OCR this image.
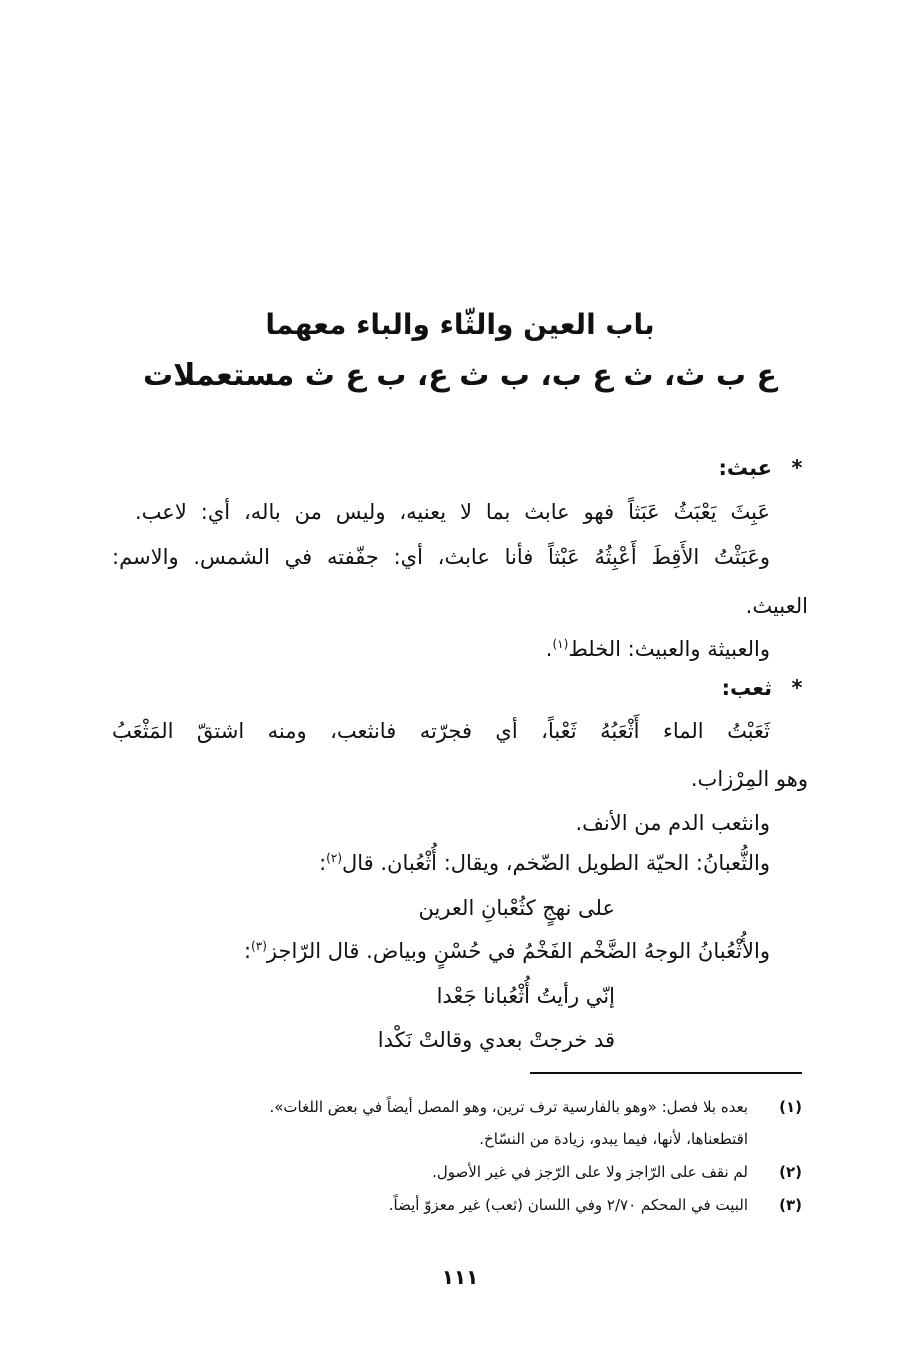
باب العين والثّاء والباء معهما
ع ب ث، ث ع ب، ب ث ع، ب ع ث مستعملات
*عبث:
عَبِثَ يَعْبَثُ عَبَثاً فهو عابث بما لا يعنيه، وليس من باله، أي: لاعب.
وعَبَثْتُ الأَقِطَ أَعْبِثُهُ عَبْثاً فأنا عابث، أي: جفّفته في الشمس. والاسم:
العبيث.
والعبيثة والعبيث: الخلط$^{(١)}$.
*ثعب:
ثَعَبْتُ الماء أَثْعَبُهُ ثَعْباً، أي فجرّته فانثعب، ومنه اشتقّ المَثْعَبُ
وهو المِرْزاب.
وانثعب الدم من الأنف.
والثُّعبانُ: الحيّة الطويل الضّخم، ويقال: أُثْعُبان. قال$^{(٢)}$:
على نهجٍ كثُعْبانِ العرين
والأُثْعُبانُ الوجهُ الضَّخْم الفَخْمُ في حُسْنٍ وبياض. قال الرّاجز$^{(٣)}$:
إنّي رأيتُ أُثْعُبانا جَعْدا
قد خرجتْ بعدي وقالتْ نَكْدا
(١)بعده بلا فصل: «وهو بالفارسية ترف ترين، وهو المصل أيضاً في بعض اللغات».
اقتطعناها، لأنها، فيما يبدو، زيادة من النسّاخ.
(٢)لم نقف على الرّاجز ولا على الرّجز في غير الأصول.
(٣)البيت في المحكم ٢/٧٠ وفي اللسان (ثعب) غير معزوّ أيضاً.
١١١
